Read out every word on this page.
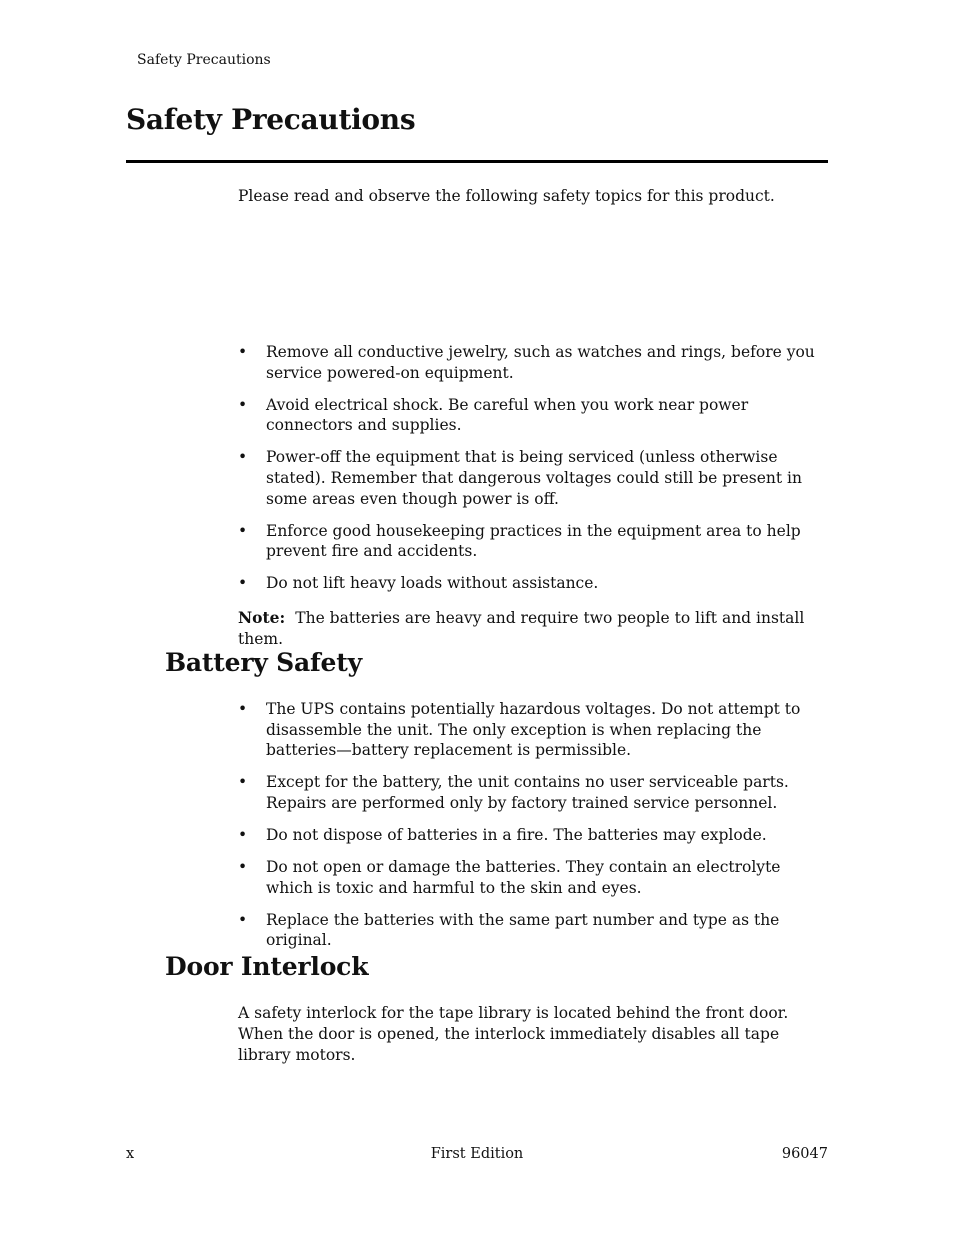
Safety Precautions
Safety Precautions

Please read and observe the following safety topics for this product.

• Remove all conductive jewelry, such as watches and rings, before you service powered-on equipment.
• Avoid electrical shock. Be careful when you work near power connectors and supplies.
• Power-off the equipment that is being serviced (unless otherwise stated). Remember that dangerous voltages could still be present in some areas even though power is off.
• Enforce good housekeeping practices in the equipment area to help prevent fire and accidents.
• Do not lift heavy loads without assistance.

Note: The batteries are heavy and require two people to lift and install them.

Battery Safety
• The UPS contains potentially hazardous voltages. Do not attempt to disassemble the unit. The only exception is when replacing the batteries—battery replacement is permissible.
• Except for the battery, the unit contains no user serviceable parts. Repairs are performed only by factory trained service personnel.
• Do not dispose of batteries in a fire. The batteries may explode.
• Do not open or damage the batteries. They contain an electrolyte which is toxic and harmful to the skin and eyes.
• Replace the batteries with the same part number and type as the original.
Door Interlock

A safety interlock for the tape library is located behind the front door. When the door is opened, the interlock immediately disables all tape library motors.

x	First Edition	96047
